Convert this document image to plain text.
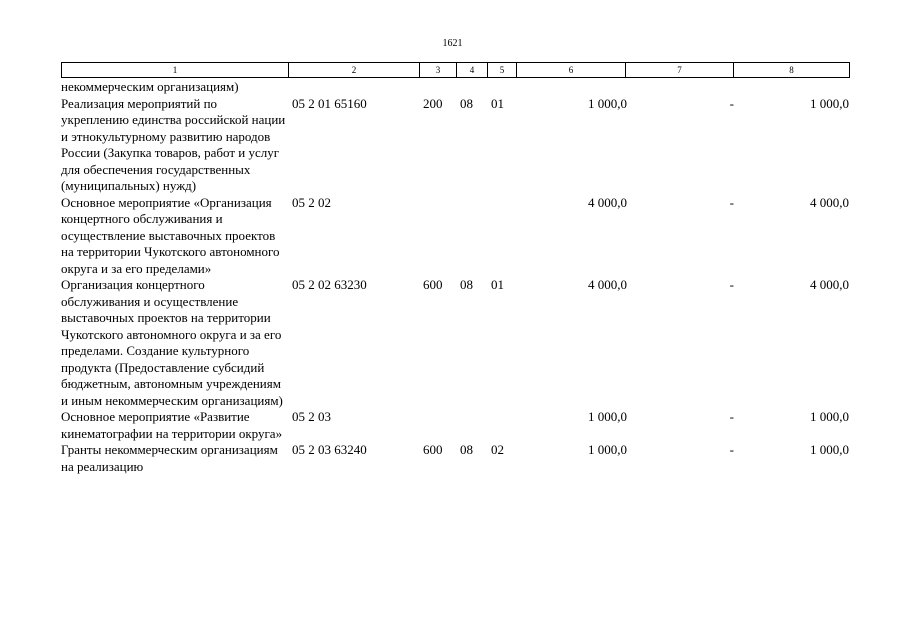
1621
1	2	3	4	5	6	7	8
некоммерческим организациям)							
Реализация мероприятий по укреплению единства российской нации и этнокультурному развитию народов России (Закупка товаров, работ и услуг для обеспечения государственных (муниципальных) нужд)	05 2 01 65160	200	08	01	1 000,0	-	1 000,0
Основное мероприятие «Организация концертного обслуживания и осуществление выставочных проектов на территории Чукотского автономного округа и за его пределами»	05 2 02				4 000,0	-	4 000,0
Организация концертного обслуживания и осуществление выставочных проектов на территории Чукотского автономного округа и за его пределами. Создание культурного продукта (Предоставление субсидий бюджетным, автономным учреждениям и иным некоммерческим организациям)	05 2 02 63230	600	08	01	4 000,0	-	4 000,0
Основное мероприятие «Развитие кинематографии на территории округа»	05 2 03				1 000,0	-	1 000,0
Гранты некоммерческим организациям на реализацию	05 2 03 63240	600	08	02	1 000,0	-	1 000,0
